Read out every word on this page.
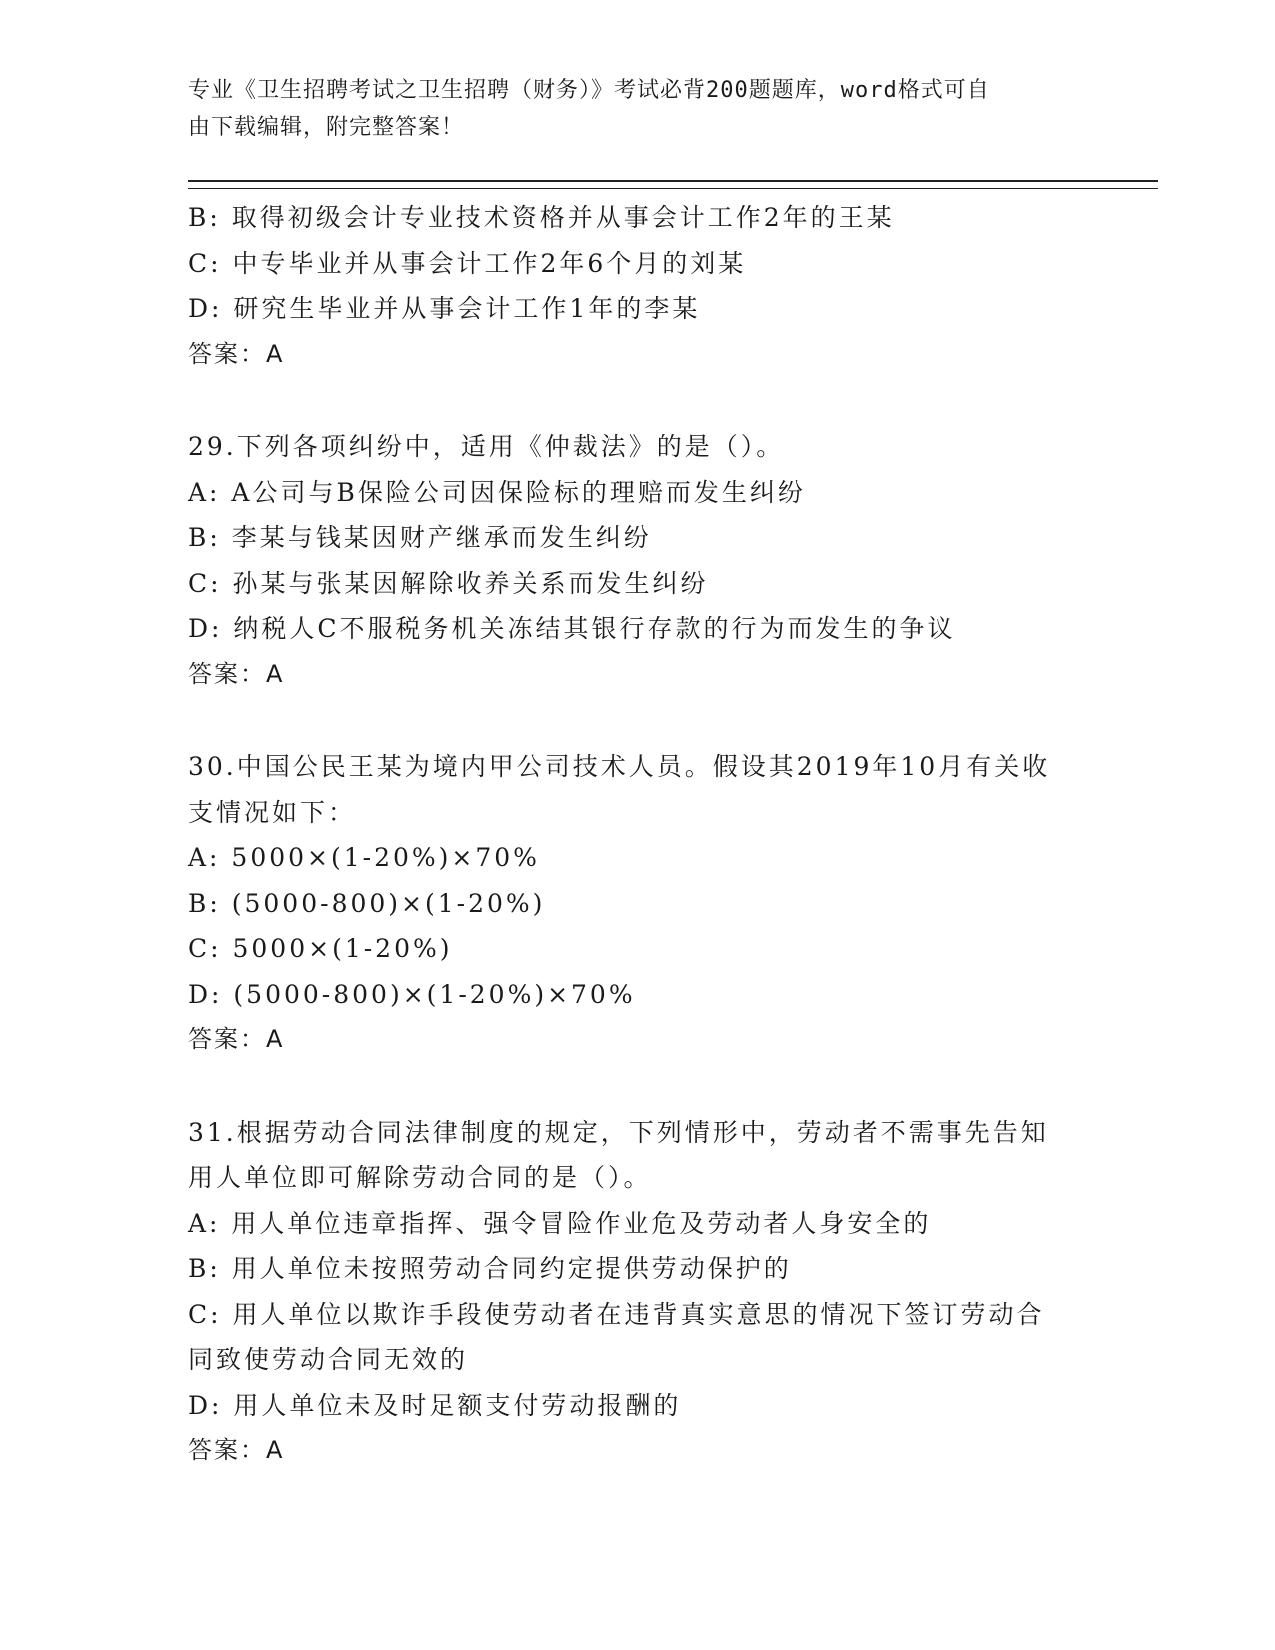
专业《卫生招聘考试之卫生招聘（财务）》考试必背200题题库，word格式可自
由下载编辑，附完整答案！
B: 取得初级会计专业技术资格并从事会计工作2年的王某
C: 中专毕业并从事会计工作2年6个月的刘某
D: 研究生毕业并从事会计工作1年的李某
答案：A
29.下列各项纠纷中，适用《仲裁法》的是（）。
A: A公司与B保险公司因保险标的理赔而发生纠纷
B: 李某与钱某因财产继承而发生纠纷
C: 孙某与张某因解除收养关系而发生纠纷
D: 纳税人C不服税务机关冻结其银行存款的行为而发生的争议
答案：A
30.中国公民王某为境内甲公司技术人员。假设其2019年10月有关收
支情况如下：
A: 5000×(1-20%)×70%
B: (5000-800)×(1-20%)
C: 5000×(1-20%)
D: (5000-800)×(1-20%)×70%
答案：A
31.根据劳动合同法律制度的规定，下列情形中，劳动者不需事先告知
用人单位即可解除劳动合同的是（）。
A: 用人单位违章指挥、强令冒险作业危及劳动者人身安全的
B: 用人单位未按照劳动合同约定提供劳动保护的
C: 用人单位以欺诈手段使劳动者在违背真实意思的情况下签订劳动合
同致使劳动合同无效的
D: 用人单位未及时足额支付劳动报酬的
答案：A
